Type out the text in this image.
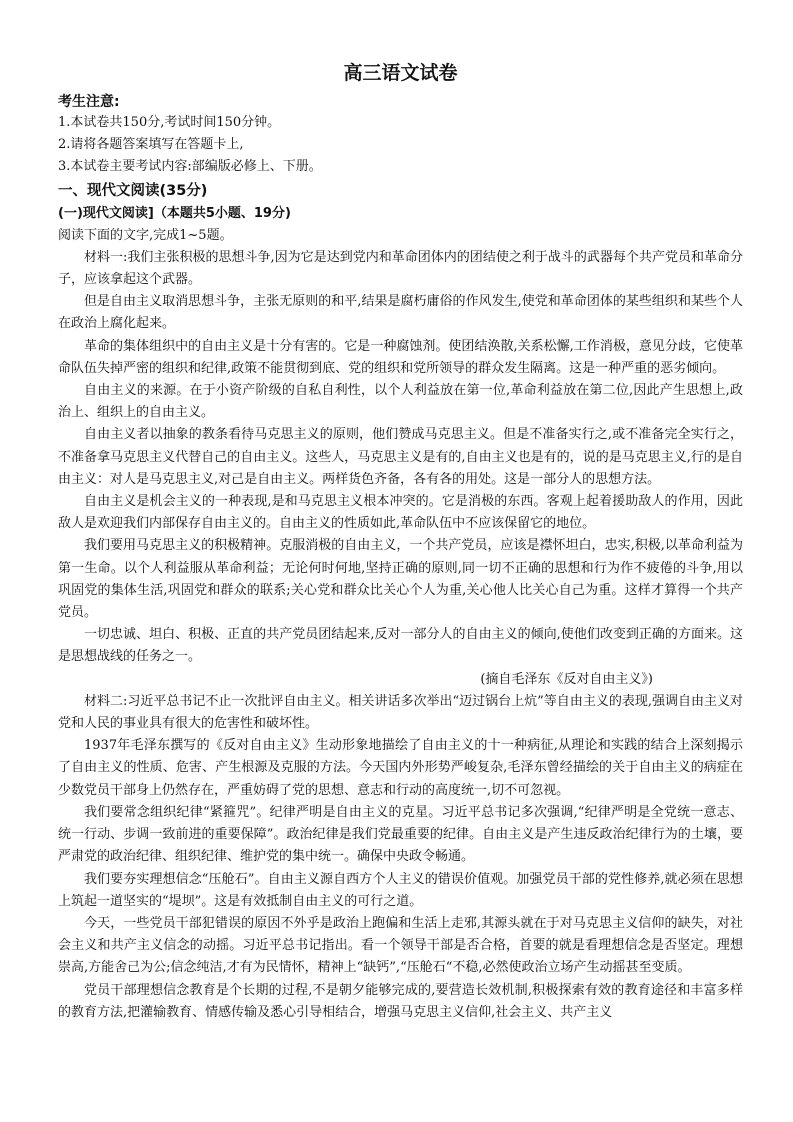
高三语文试卷

考生注意:

1.本试卷共150分,考试时间150分钟。

2.请将各题答案填写在答题卡上,

3.本试卷主要考试内容:部编版必修上、下册。

一、现代文阅读(35分)

(一)现代文阅读]（本题共5小题、19分)

阅读下面的文字,完成1~5题。

材料一:我们主张积极的思想斗争,因为它是达到党内和革命团体内的团结使之利于战斗的武器每个共产党员和革命分子，应该拿起这个武器。

但是自由主义取消思想斗争，主张无原则的和平,结果是腐朽庸俗的作风发生,使党和革命团体的某些组织和某些个人在政治上腐化起来。

革命的集体组织中的自由主义是十分有害的。它是一种腐蚀剂。使团结涣散,关系松懈,工作消极，意见分歧，它使革命队伍失掉严密的组织和纪律,政策不能贯彻到底、党的组织和党所领导的群众发生隔离。这是一种严重的恶劣倾向。

自由主义的来源。在于小资产阶级的自私自利性，以个人利益放在第一位,革命利益放在第二位,因此产生思想上,政治上、组织上的自由主义。

自由主义者以抽象的教条看待马克思主义的原则，他们赞成马克思主义。但是不准备实行之,或不准备完全实行之，不准备拿马克思主义代替自己的自由主义。这些人，马克思主义是有的,自由主义也是有的，说的是马克思主义,行的是自由主义：对人是马克思主义,对己是自由主义。两样货色齐备，各有各的用处。这是一部分人的思想方法。

自由主义是机会主义的一种表现,是和马克思主义根本冲突的。它是消极的东西。客观上起着援助敌人的作用，因此敌人是欢迎我们内部保存自由主义的。自由主义的性质如此,革命队伍中不应该保留它的地位。

我们要用马克思主义的积极精神。克服消极的自由主义，一个共产党员，应该是襟怀坦白，忠实,积极,以革命利益为第一生命。以个人利益服从革命利益；无论何时何地,坚持正确的原则,同一切不正确的思想和行为作不疲倦的斗争,用以巩固党的集体生活,巩固党和群众的联系;关心党和群众比关心个人为重,关心他人比关心自己为重。这样才算得一个共产党员。

一切忠诚、坦白、积极、正直的共产党员团结起来,反对一部分人的自由主义的倾向,使他们改变到正确的方面来。这是思想战线的任务之一。

(摘自毛泽东《反对自由主义》)

材料二:习近平总书记不止一次批评自由主义。相关讲话多次举出“迈过锅台上炕”等自由主义的表现,强调自由主义对党和人民的事业具有很大的危害性和破坏性。

1937年毛泽东撰写的《反对自由主义》生动形象地描绘了自由主义的十一种病征,从理论和实践的结合上深刻揭示了自由主义的性质、危害、产生根源及克服的方法。今天国内外形势严峻复杂,毛泽东曾经描绘的关于自由主义的病症在少数党员干部身上仍然存在，严重妨碍了党的思想、意志和行动的高度统一,切不可忽视。

我们要常念组织纪律“紧箍咒”。纪律严明是自由主义的克星。习近平总书记多次强调,“纪律严明是全党统一意志、统一行动、步调一致前进的重要保障”。政治纪律是我们党最重要的纪律。自由主义是产生违反政治纪律行为的土壤，要严肃党的政治纪律、组织纪律、维护党的集中统一。确保中央政令畅通。

我们要夯实理想信念“压舱石”。自由主义源自西方个人主义的错误价值观。加强党员干部的党性修养,就必须在思想上筑起一道坚实的“堤坝”。这是有效抵制自由主义的可行之道。

今天，一些党员干部犯错误的原因不外乎是政治上跑偏和生活上走邪,其源头就在于对马克思主义信仰的缺失，对社会主义和共产主义信念的动摇。习近平总书记指出。看一个领导干部是否合格，首要的就是看理想信念是否坚定。理想崇高,方能舍己为公;信念纯洁,才有为民情怀，精神上“缺钙”,“压舱石“不稳,必然使政治立场产生动摇甚至变质。

党员干部理想信念教育是个长期的过程,不是朝夕能够完成的,要营造长效机制,积极探索有效的教育途径和丰富多样的教育方法,把灌输教育、情感传输及悉心引导相结合，增强马克思主义信仰,社会主义、共产主义
